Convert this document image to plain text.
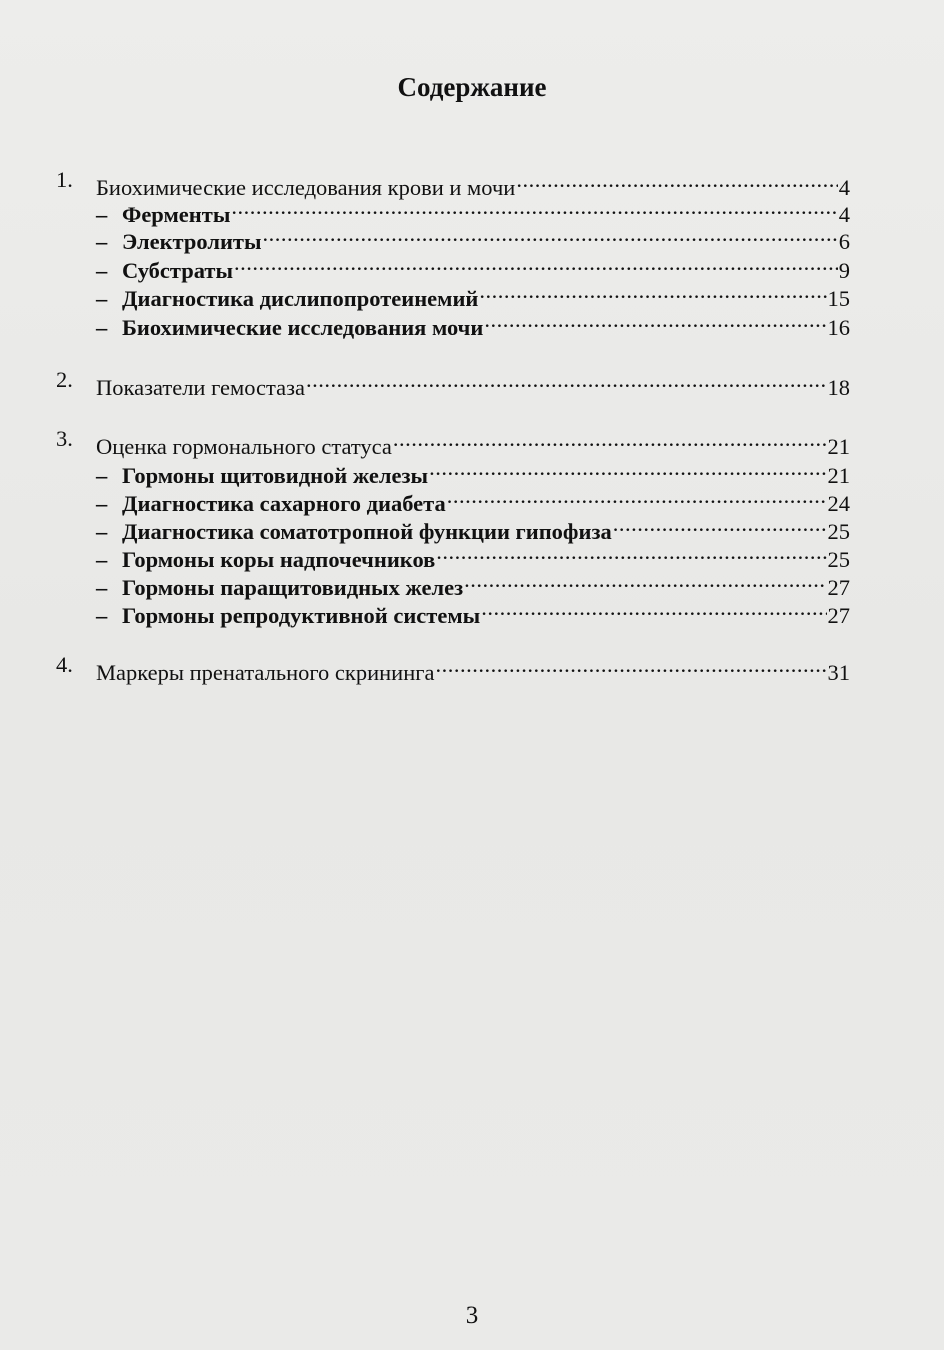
Содержание
1. Биохимические исследования крови и мочи .....	4
– Ферменты .....	4
– Электролиты .....	6
– Субстраты .....	9
– Диагностика дислипопротеинемий .....	15
– Биохимические исследования мочи .....	16
2. Показатели гемостаза .....	18
3. Оценка гормонального статуса .....	21
– Гормоны щитовидной железы .....	21
– Диагностика сахарного диабета .....	24
– Диагностика соматотропной функции гипофиза .....	25
– Гормоны коры надпочечников .....	25
– Гормоны паращитовидных желез .....	27
– Гормоны репродуктивной системы .....	27
4. Маркеры пренатального скрининга .....	31
3
